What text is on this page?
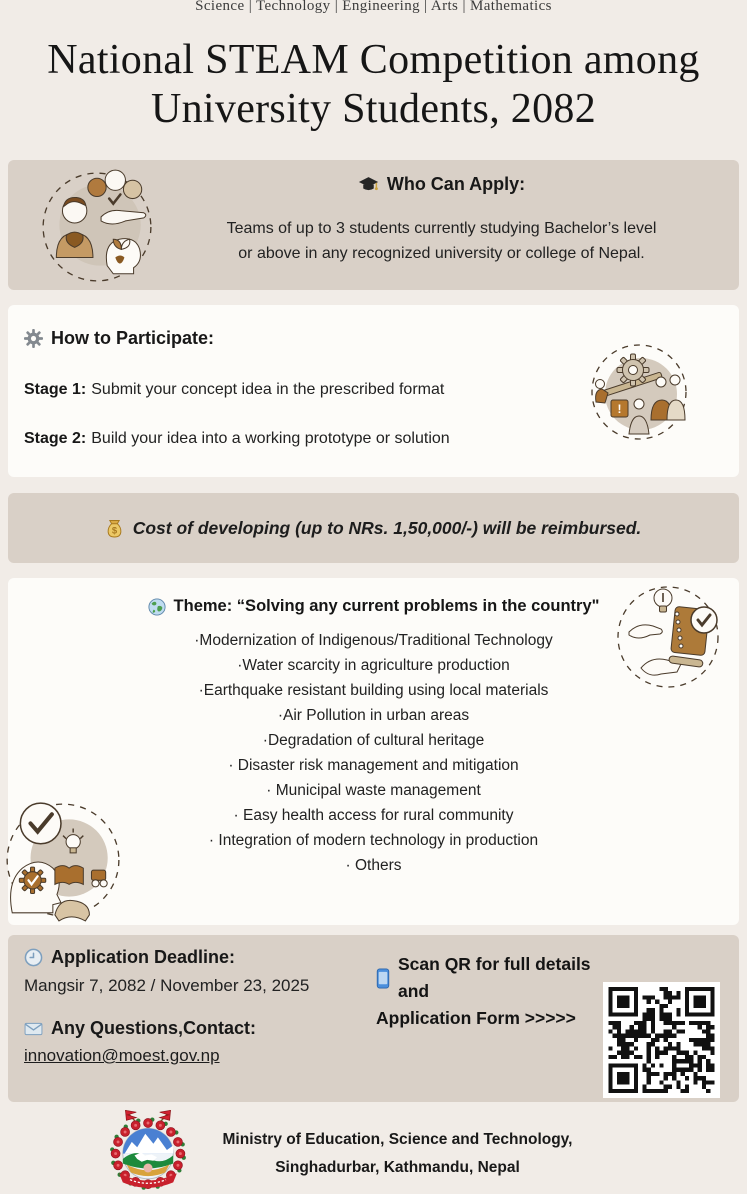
Science | Technology | Engineering | Arts | Mathematics
National STEAM Competition among
University Students, 2082
Who Can Apply:
Teams of up to 3 students currently studying Bachelor’s level
or above in any recognized university or college of Nepal.
How to Participate:
Stage 1: Submit your concept idea in the prescribed format
Stage 2: Build your idea into a working prototype or solution
!
$ Cost of developing (up to NRs. 1,50,000/-) will be reimbursed.
Theme: “Solving any current problems in the country"
·Modernization of Indigenous/Traditional Technology
·Water scarcity in agriculture production
·Earthquake resistant building using local materials
·Air Pollution in urban areas
·Degradation of cultural heritage
· Disaster risk management and mitigation
· Municipal waste management
· Easy health access for rural community
· Integration of modern technology in production
· Others
Application Deadline:
Mangsir 7, 2082 / November 23, 2025
Any Questions,Contact:
innovation@moest.gov.np
Scan QR for full details and
Application Form >>>>>
Ministry of Education, Science and Technology,
Singhadurbar, Kathmandu, Nepal
